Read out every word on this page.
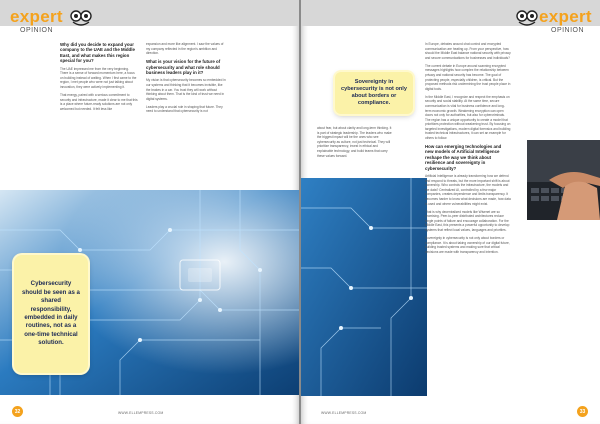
expert
OPINION
Why did you decide to expand your company to the UAE and the Middle East, and what makes this region special for you?

The UAE impressed me from the very beginning. There is a sense of forward momentum here, a focus on building instead of waiting. When I first came to the region, I met people who were not just talking about innovation, they were actively implementing it.

That energy, paired with a serious commitment to security and infrastructure, made it clear to me that this is a place where future-ready solutions are not only welcomed but needed. It felt less like

expansion and more like alignment. I saw the values of my company reflected in the region's ambition and direction.

What is your vision for the future of cybersecurity and what role should business leaders play in it?

My vision is that cybersecurity becomes so embedded in our systems and thinking that it becomes invisible, like the brakes in a car. You trust they will work without thinking about them. That is the kind of trust we need in digital systems.

Leaders play a crucial role in shaping that future. They need to understand that cybersecurity is not

Cybersecurity should be seen as a shared responsibility, embedded in daily routines, not as a one-time technical solution.
32	WWW.ELLEMPRESS.COM
expert
OPINION
Sovereignty in cybersecurity is not only about borders or compliance.

about fear, but about clarity and long-term thinking. It is part of strategic leadership. The leaders who make the biggest impact will be the ones who see cybersecurity as culture, not just technical. They will prioritize transparency, invest in ethical and explainable technology, and build teams that carry these values forward.

In Europe, debates around chat control and encrypted communication are heating up. From your perspective, how should the Middle East balance national security with privacy and secure communications for businesses and individuals?

The current debate in Europe around scanning encrypted messages highlights how complex the relationship between privacy and national security has become. The goal of protecting people, especially children, is critical. But the proposed methods risk undermining the trust people place in digital tools.

In the Middle East, I recognize and respect the emphasis on security and social stability. At the same time, secure communication is vital for business confidence and long-term economic growth. Weakening encryption can open doors not only for authorities, but also for cybercriminals. The region has a unique opportunity to create a model that prioritizes protection without weakening trust. By focusing on targeted investigations, modern digital forensics and building trusted technical infrastructures, it can set an example for others to follow.

How can emerging technologies and new models of Artificial Intelligence reshape the way we think about resilience and sovereignty in cybersecurity?

Artificial Intelligence is already transforming how we defend and respond to threats, but the more important shift is about ownership. Who controls the infrastructure, the models and the data? Centralized AI, controlled by a few major companies, creates dependence and limits transparency. It becomes harder to know what decisions are made, how data is used and where vulnerabilities might exist.

That is why decentralized models like Wisenet are so promising. Peer-to-peer distributed architectures reduce single points of failure and encourage collaboration. For the Middle East, this presents a powerful opportunity to develop systems that reflect local values, languages and priorities.

Sovereignty in cybersecurity is not only about borders or compliance. It is about taking ownership of our digital future, building trusted systems and making sure that critical decisions are made with transparency and intention.

33
WWW.ELLEMPRESS.COM
